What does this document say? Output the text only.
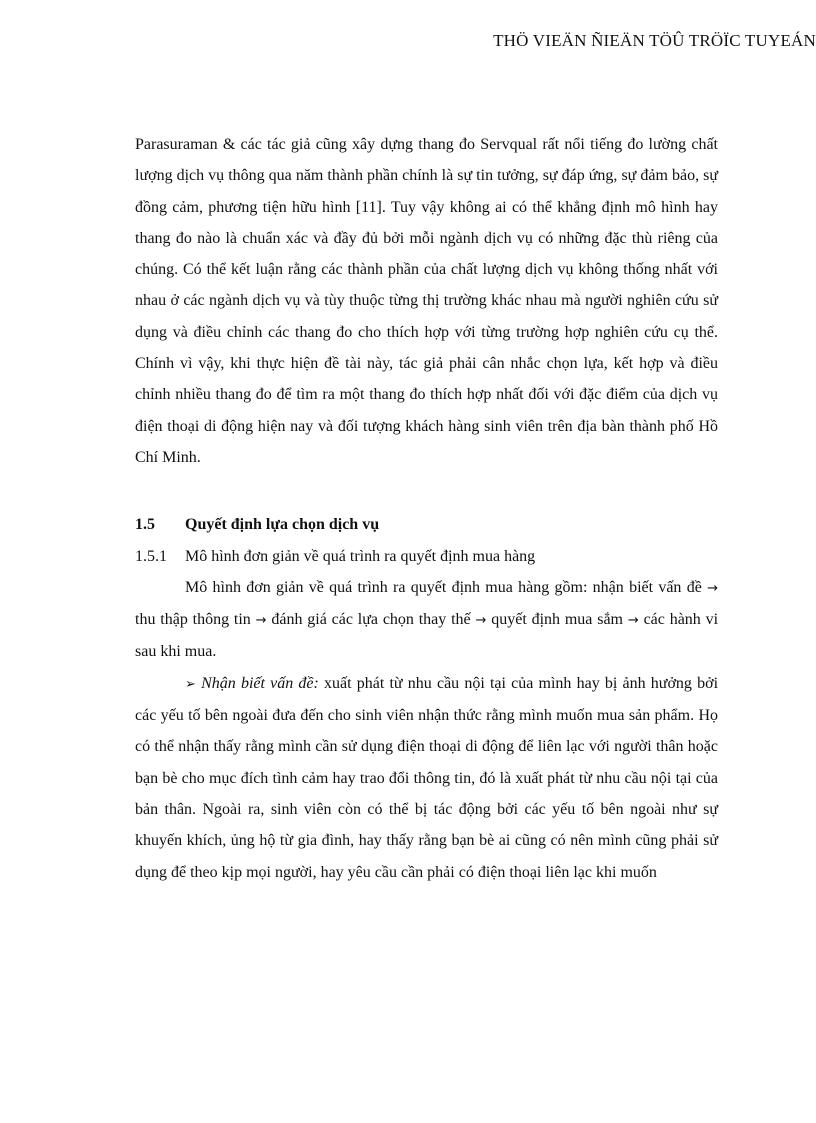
THÖ VIEÄN ÑIEÄN TÖÛ TRÖÏC TUYEÁN

Parasuraman & các tác giả cũng xây dựng thang đo Servqual rất nổi tiếng đo lường chất lượng dịch vụ thông qua năm thành phần chính là sự tin tưởng, sự đáp ứng, sự đảm bảo, sự đồng cảm, phương tiện hữu hình [11]. Tuy vậy không ai có thể khẳng định mô hình hay thang đo nào là chuẩn xác và đầy đủ bởi mỗi ngành dịch vụ có những đặc thù riêng của chúng. Có thể kết luận rằng các thành phần của chất lượng dịch vụ không thống nhất với nhau ở các ngành dịch vụ và tùy thuộc từng thị trường khác nhau mà người nghiên cứu sử dụng và điều chỉnh các thang đo cho thích hợp với từng trường hợp nghiên cứu cụ thể. Chính vì vậy, khi thực hiện đề tài này, tác giả phải cân nhắc chọn lựa, kết hợp và điều chỉnh nhiều thang đo để tìm ra một thang đo thích hợp nhất đối với đặc điểm của dịch vụ điện thoại di động hiện nay và đối tượng khách hàng sinh viên trên địa bàn thành phố Hồ Chí Minh.

1.5	Quyết định lựa chọn dịch vụ

1.5.1	Mô hình đơn giản về quá trình ra quyết định mua hàng

Mô hình đơn giản về quá trình ra quyết định mua hàng gồm: nhận biết vấn đề → thu thập thông tin → đánh giá các lựa chọn thay thế → quyết định mua sắm → các hành vi sau khi mua.

➢ Nhận biết vấn đề: xuất phát từ nhu cầu nội tại của mình hay bị ảnh hưởng bởi các yếu tố bên ngoài đưa đến cho sinh viên nhận thức rằng mình muốn mua sản phẩm. Họ có thể nhận thấy rằng mình cần sử dụng điện thoại di động để liên lạc với người thân hoặc bạn bè cho mục đích tình cảm hay trao đổi thông tin, đó là xuất phát từ nhu cầu nội tại của bản thân. Ngoài ra, sinh viên còn có thể bị tác động bởi các yếu tố bên ngoài như sự khuyến khích, ủng hộ từ gia đình, hay thấy rằng bạn bè ai cũng có nên mình cũng phải sử dụng để theo kịp mọi người, hay yêu cầu cần phải có điện thoại liên lạc khi muốn
